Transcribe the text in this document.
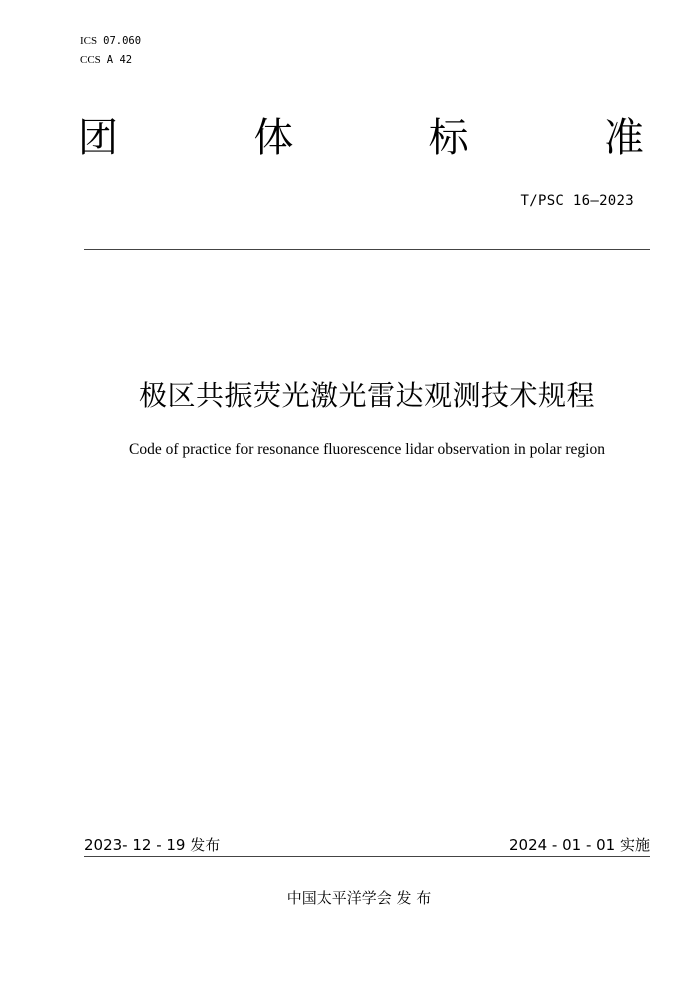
ICS 07.060
CCS A 42
团	体	标	准
T/PSC 16—2023
极区共振荧光激光雷达观测技术规程
Code of practice for resonance fluorescence lidar observation in polar region
2023- 12 - 19 发布	2024 - 01 - 01 实施
中国太平洋学会 发 布
